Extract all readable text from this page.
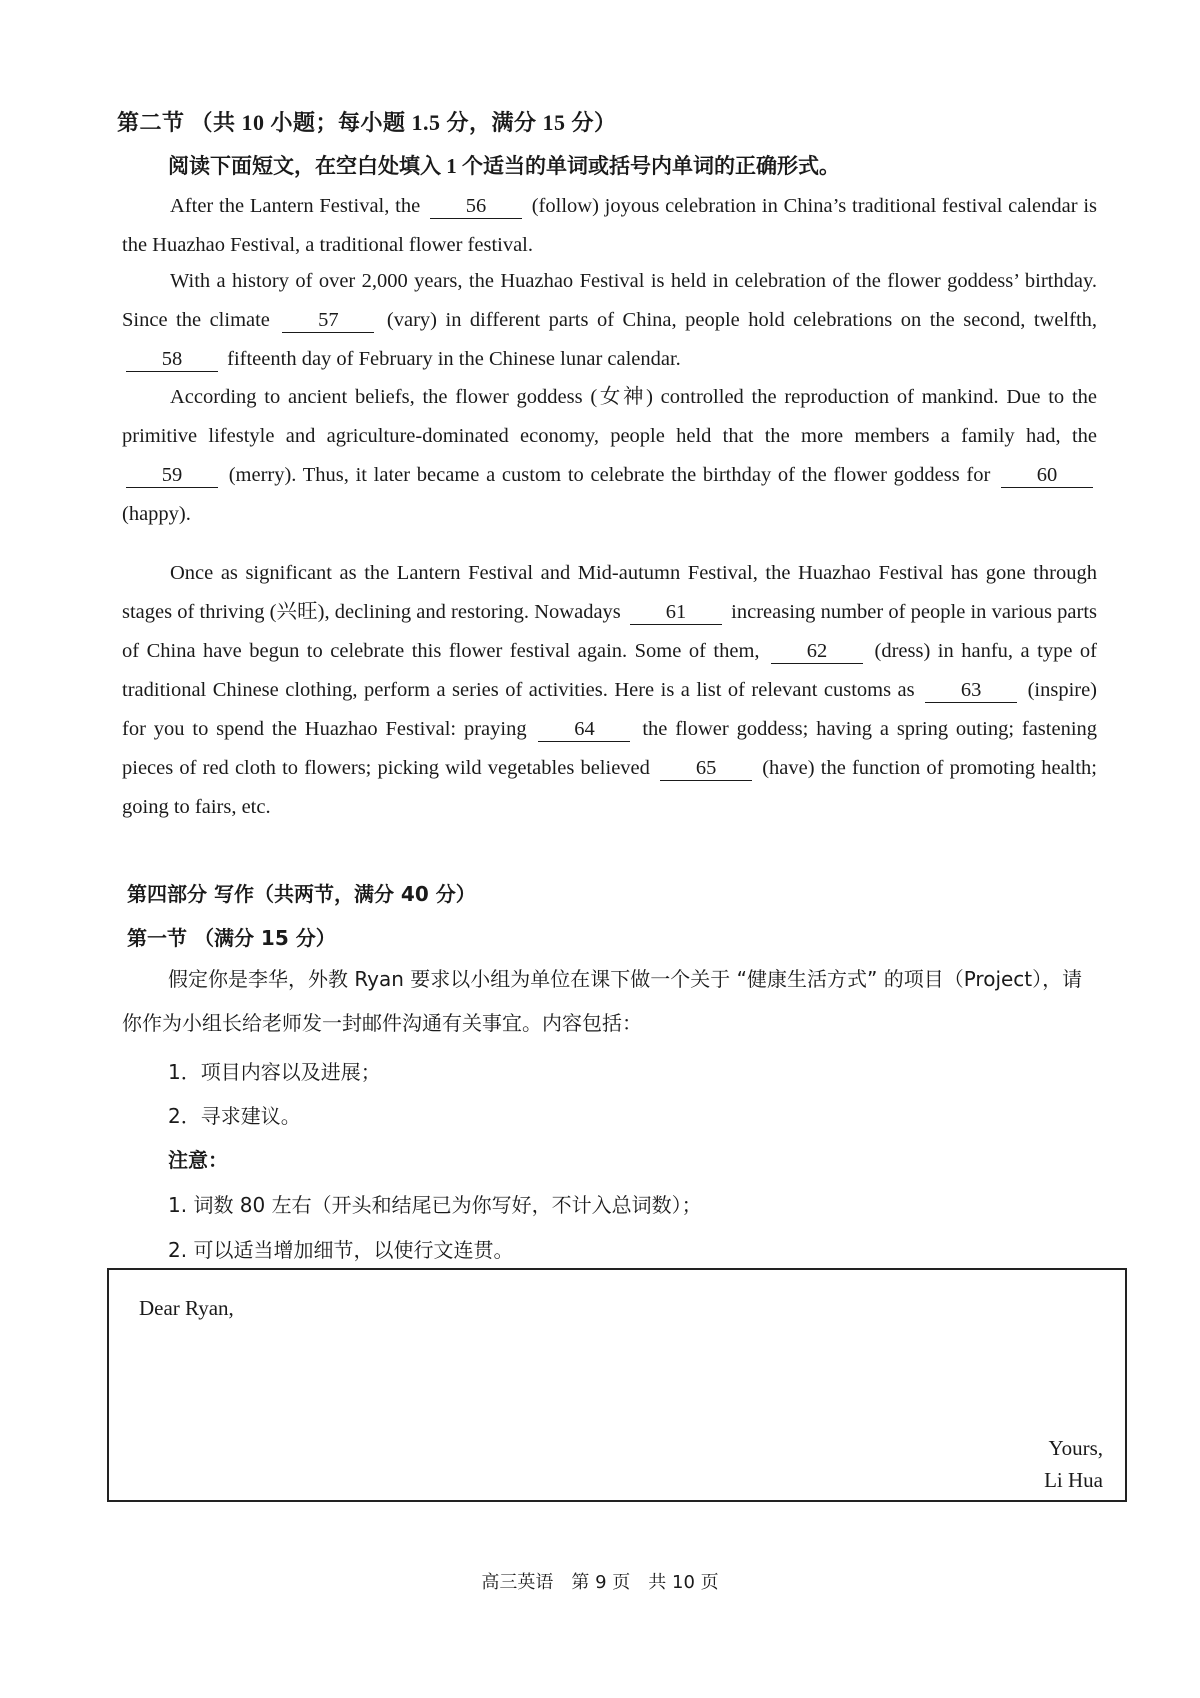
第二节 （共 10 小题；每小题 1.5 分，满分 15 分）
阅读下面短文，在空白处填入 1 个适当的单词或括号内单词的正确形式。
After the Lantern Festival, the 56 (follow) joyous celebration in China’s traditional festival calendar is the Huazhao Festival, a traditional flower festival.
With a history of over 2,000 years, the Huazhao Festival is held in celebration of the flower goddess’ birthday. Since the climate 57 (vary) in different parts of China, people hold celebrations on the second, twelfth, 58 fifteenth day of February in the Chinese lunar calendar.
According to ancient beliefs, the flower goddess (女神) controlled the reproduction of mankind. Due to the primitive lifestyle and agriculture-dominated economy, people held that the more members a family had, the 59 (merry). Thus, it later became a custom to celebrate the birthday of the flower goddess for 60 (happy).
Once as significant as the Lantern Festival and Mid-autumn Festival, the Huazhao Festival has gone through stages of thriving (兴旺), declining and restoring. Nowadays 61 increasing number of people in various parts of China have begun to celebrate this flower festival again. Some of them, 62 (dress) in hanfu, a type of traditional Chinese clothing, perform a series of activities. Here is a list of relevant customs as 63 (inspire) for you to spend the Huazhao Festival: praying 64 the flower goddess; having a spring outing; fastening pieces of red cloth to flowers; picking wild vegetables believed 65 (have) the function of promoting health; going to fairs, etc.
第四部分 写作（共两节，满分 40 分）
第一节 （满分 15 分）
假定你是李华，外教 Ryan 要求以小组为单位在课下做一个关于 “健康生活方式” 的项目（Project），请你作为小组长给老师发一封邮件沟通有关事宜。内容包括：
1．项目内容以及进展；
2．寻求建议。
注意：
1. 词数 80 左右（开头和结尾已为你写好，不计入总词数）；
2. 可以适当增加细节，以使行文连贯。
Dear Ryan,
Yours,
Li Hua
高三英语　第 9 页　共 10 页
